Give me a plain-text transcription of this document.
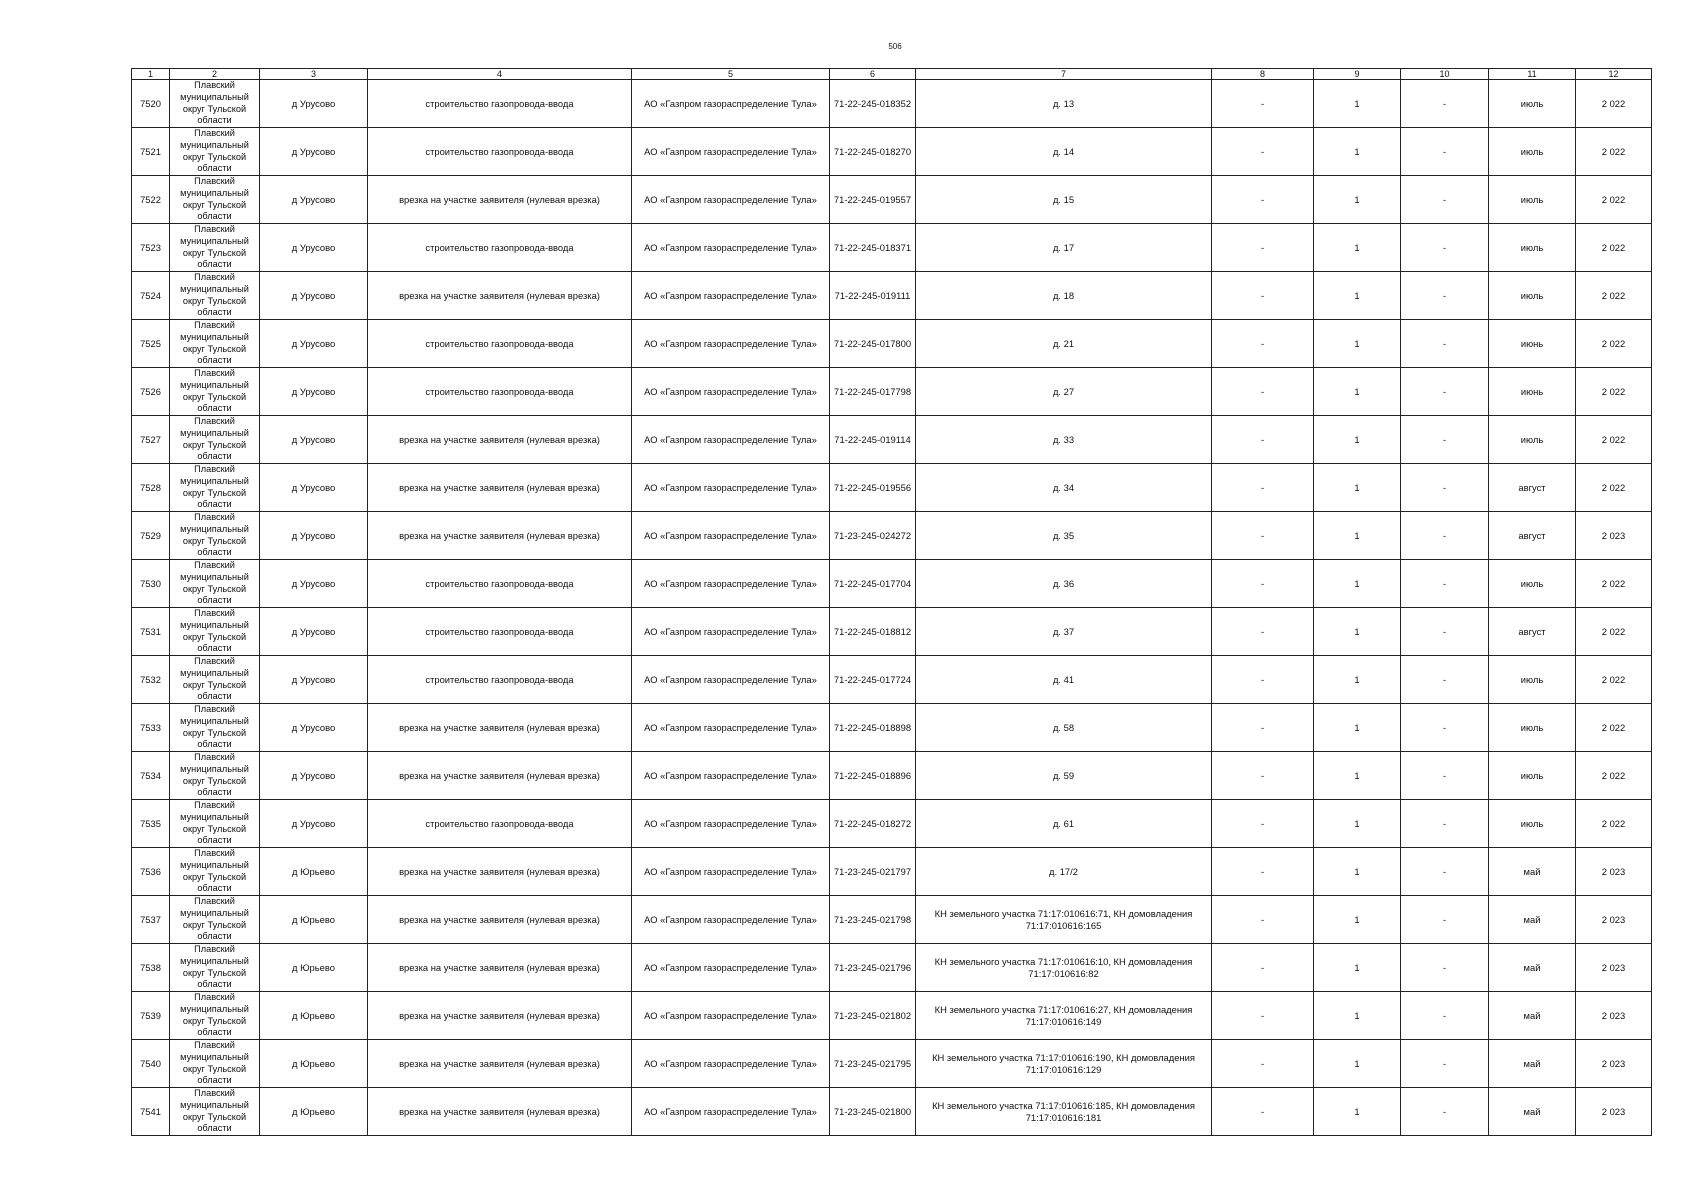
506
1	2	3	4	5	6	7	8	9	10	11	12
7520	Плавский муниципальный округ Тульской области	д Урусово	строительство газопровода-ввода	АО «Газпром газораспределение Тула»	71-22-245-018352	д. 13	-	1	-	июль	2 022
7521	Плавский муниципальный округ Тульской области	д Урусово	строительство газопровода-ввода	АО «Газпром газораспределение Тула»	71-22-245-018270	д. 14	-	1	-	июль	2 022
7522	Плавский муниципальный округ Тульской области	д Урусово	врезка на участке заявителя (нулевая врезка)	АО «Газпром газораспределение Тула»	71-22-245-019557	д. 15	-	1	-	июль	2 022
7523	Плавский муниципальный округ Тульской области	д Урусово	строительство газопровода-ввода	АО «Газпром газораспределение Тула»	71-22-245-018371	д. 17	-	1	-	июль	2 022
7524	Плавский муниципальный округ Тульской области	д Урусово	врезка на участке заявителя (нулевая врезка)	АО «Газпром газораспределение Тула»	71-22-245-019111	д. 18	-	1	-	июль	2 022
7525	Плавский муниципальный округ Тульской области	д Урусово	строительство газопровода-ввода	АО «Газпром газораспределение Тула»	71-22-245-017800	д. 21	-	1	-	июнь	2 022
7526	Плавский муниципальный округ Тульской области	д Урусово	строительство газопровода-ввода	АО «Газпром газораспределение Тула»	71-22-245-017798	д. 27	-	1	-	июнь	2 022
7527	Плавский муниципальный округ Тульской области	д Урусово	врезка на участке заявителя (нулевая врезка)	АО «Газпром газораспределение Тула»	71-22-245-019114	д. 33	-	1	-	июль	2 022
7528	Плавский муниципальный округ Тульской области	д Урусово	врезка на участке заявителя (нулевая врезка)	АО «Газпром газораспределение Тула»	71-22-245-019556	д. 34	-	1	-	август	2 022
7529	Плавский муниципальный округ Тульской области	д Урусово	врезка на участке заявителя (нулевая врезка)	АО «Газпром газораспределение Тула»	71-23-245-024272	д. 35	-	1	-	август	2 023
7530	Плавский муниципальный округ Тульской области	д Урусово	строительство газопровода-ввода	АО «Газпром газораспределение Тула»	71-22-245-017704	д. 36	-	1	-	июль	2 022
7531	Плавский муниципальный округ Тульской области	д Урусово	строительство газопровода-ввода	АО «Газпром газораспределение Тула»	71-22-245-018812	д. 37	-	1	-	август	2 022
7532	Плавский муниципальный округ Тульской области	д Урусово	строительство газопровода-ввода	АО «Газпром газораспределение Тула»	71-22-245-017724	д. 41	-	1	-	июль	2 022
7533	Плавский муниципальный округ Тульской области	д Урусово	врезка на участке заявителя (нулевая врезка)	АО «Газпром газораспределение Тула»	71-22-245-018898	д. 58	-	1	-	июль	2 022
7534	Плавский муниципальный округ Тульской области	д Урусово	врезка на участке заявителя (нулевая врезка)	АО «Газпром газораспределение Тула»	71-22-245-018896	д. 59	-	1	-	июль	2 022
7535	Плавский муниципальный округ Тульской области	д Урусово	строительство газопровода-ввода	АО «Газпром газораспределение Тула»	71-22-245-018272	д. 61	-	1	-	июль	2 022
7536	Плавский муниципальный округ Тульской области	д Юрьево	врезка на участке заявителя (нулевая врезка)	АО «Газпром газораспределение Тула»	71-23-245-021797	д. 17/2	-	1	-	май	2 023
7537	Плавский муниципальный округ Тульской области	д Юрьево	врезка на участке заявителя (нулевая врезка)	АО «Газпром газораспределение Тула»	71-23-245-021798	КН земельного участка 71:17:010616:71, КН домовладения 71:17:010616:165	-	1	-	май	2 023
7538	Плавский муниципальный округ Тульской области	д Юрьево	врезка на участке заявителя (нулевая врезка)	АО «Газпром газораспределение Тула»	71-23-245-021796	КН земельного участка 71:17:010616:10, КН домовладения 71:17:010616:82	-	1	-	май	2 023
7539	Плавский муниципальный округ Тульской области	д Юрьево	врезка на участке заявителя (нулевая врезка)	АО «Газпром газораспределение Тула»	71-23-245-021802	КН земельного участка 71:17:010616:27, КН домовладения 71:17:010616:149	-	1	-	май	2 023
7540	Плавский муниципальный округ Тульской области	д Юрьево	врезка на участке заявителя (нулевая врезка)	АО «Газпром газораспределение Тула»	71-23-245-021795	КН земельного участка 71:17:010616:190, КН домовладения 71:17:010616:129	-	1	-	май	2 023
7541	Плавский муниципальный округ Тульской области	д Юрьево	врезка на участке заявителя (нулевая врезка)	АО «Газпром газораспределение Тула»	71-23-245-021800	КН земельного участка 71:17:010616:185, КН домовладения 71:17:010616:181	-	1	-	май	2 023
